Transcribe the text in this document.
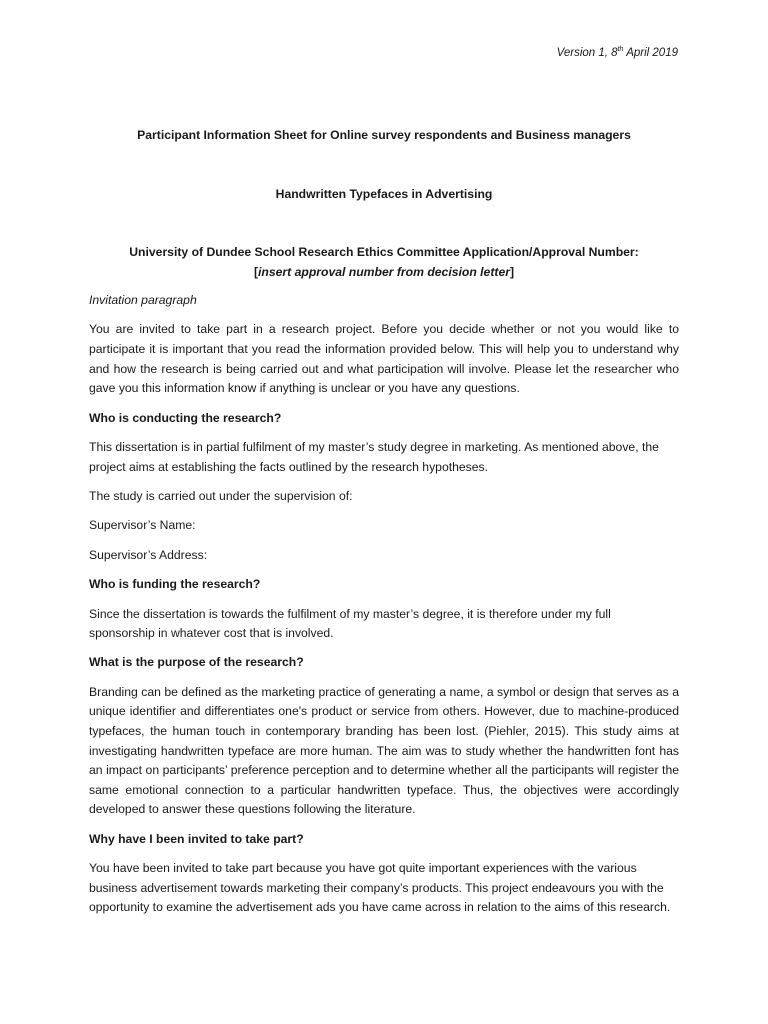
Version 1, 8th April 2019
Participant Information Sheet for Online survey respondents and Business managers
Handwritten Typefaces in Advertising
University of Dundee School Research Ethics Committee Application/Approval Number: [insert approval number from decision letter]

Invitation paragraph

You are invited to take part in a research project. Before you decide whether or not you would like to participate it is important that you read the information provided below. This will help you to understand why and how the research is being carried out and what participation will involve. Please let the researcher who gave you this information know if anything is unclear or you have any questions.

Who is conducting the research?

This dissertation is in partial fulfilment of my master’s study degree in marketing. As mentioned above, the project aims at establishing the facts outlined by the research hypotheses.

The study is carried out under the supervision of:

Supervisor’s Name:

Supervisor’s Address:

Who is funding the research?

Since the dissertation is towards the fulfilment of my master’s degree, it is therefore under my full sponsorship in whatever cost that is involved.

What is the purpose of the research?

Branding can be defined as the marketing practice of generating a name, a symbol or design that serves as a unique identifier and differentiates one's product or service from others. However, due to machine-produced typefaces, the human touch in contemporary branding has been lost. (Piehler, 2015). This study aims at investigating handwritten typeface are more human. The aim was to study whether the handwritten font has an impact on participants’ preference perception and to determine whether all the participants will register the same emotional connection to a particular handwritten typeface. Thus, the objectives were accordingly developed to answer these questions following the literature.

Why have I been invited to take part?

You have been invited to take part because you have got quite important experiences with the various business advertisement towards marketing their company’s products. This project endeavours you with the opportunity to examine the advertisement ads you have came across in relation to the aims of this research.
